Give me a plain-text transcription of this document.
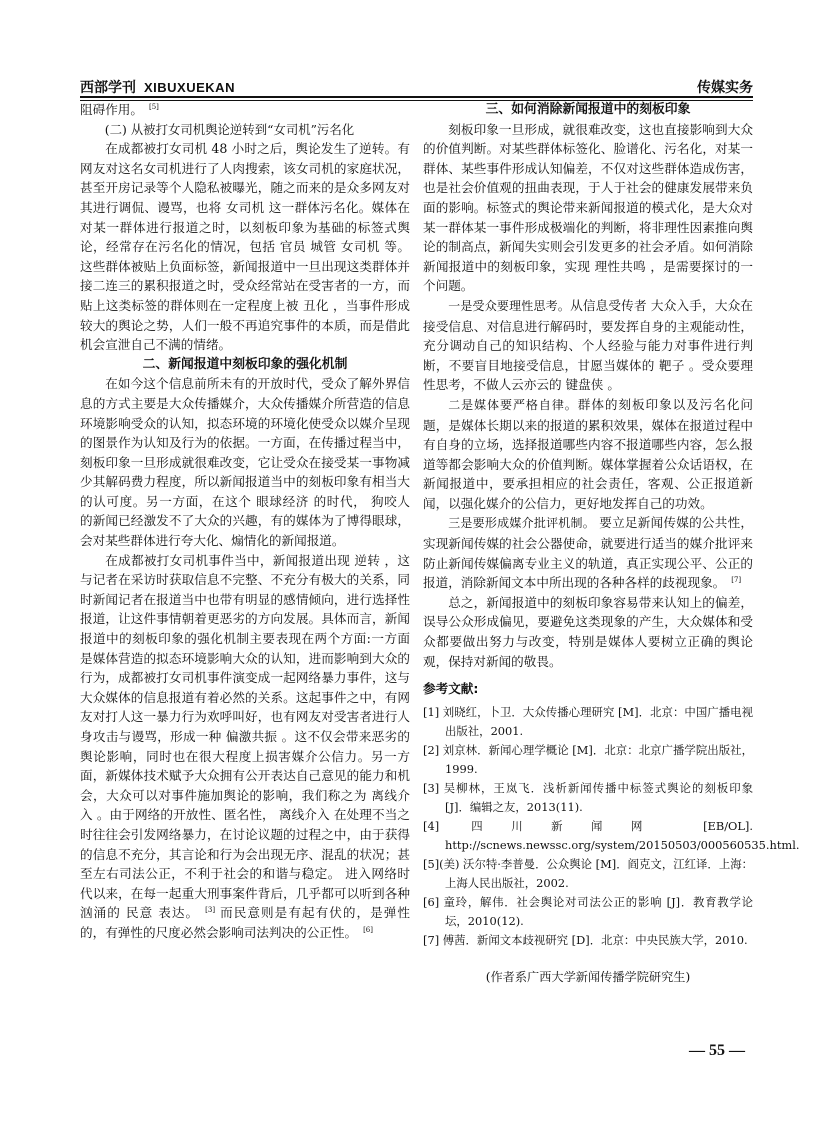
西部学刊 XIBUXUEKAN	传媒实务

阻碍作用。 [5]

(二) 从被打女司机舆论逆转到“女司机”污名化

在成都被打女司机 48 小时之后，舆论发生了逆转。有网友对这名女司机进行了人肉搜索，该女司机的家庭状况，甚至开房记录等个人隐私被曝光，随之而来的是众多网友对其进行调侃、谩骂，也将 女司机 这一群体污名化。媒体在对某一群体进行报道之时，以刻板印象为基础的标签式舆论，经常存在污名化的情况，包括 官员 城管 女司机 等。这些群体被贴上负面标签，新闻报道中一旦出现这类群体并接二连三的累积报道之时，受众经常站在受害者的一方，而贴上这类标签的群体则在一定程度上被 丑化 ，当事件形成较大的舆论之势，人们一般不再追究事件的本质，而是借此机会宣泄自己不满的情绪。

二、新闻报道中刻板印象的强化机制

在如今这个信息前所未有的开放时代，受众了解外界信息的方式主要是大众传播媒介，大众传播媒介所营造的信息环境影响受众的认知，拟态环境的环境化使受众以媒介呈现的图景作为认知及行为的依据。一方面，在传播过程当中，刻板印象一旦形成就很难改变，它让受众在接受某一事物减少其解码费力程度，所以新闻报道当中的刻板印象有相当大的认可度。另一方面，在这个 眼球经济 的时代， 狗咬人 的新闻已经激发不了大众的兴趣，有的媒体为了博得眼球，会对某些群体进行夸大化、煽情化的新闻报道。

在成都被打女司机事件当中，新闻报道出现 逆转 ，这与记者在采访时获取信息不完整、不充分有极大的关系，同时新闻记者在报道当中也带有明显的感情倾向，进行选择性报道，让这件事情朝着更恶劣的方向发展。具体而言，新闻报道中的刻板印象的强化机制主要表现在两个方面:一方面是媒体营造的拟态环境影响大众的认知，进而影响到大众的行为，成都被打女司机事件演变成一起网络暴力事件，这与大众媒体的信息报道有着必然的关系。这起事件之中，有网友对打人这一暴力行为欢呼叫好，也有网友对受害者进行人身攻击与谩骂，形成一种 偏激共振 。这不仅会带来恶劣的舆论影响，同时也在很大程度上损害媒介公信力。另一方面，新媒体技术赋予大众拥有公开表达自己意见的能力和机会，大众可以对事件施加舆论的影响，我们称之为 离线介入 。由于网络的开放性、匿名性， 离线介入 在处理不当之时往往会引发网络暴力，在讨论议题的过程之中，由于获得的信息不充分，其言论和行为会出现无序、混乱的状况；甚至左右司法公正，不利于社会的和谐与稳定。 进入网络时代以来，在每一起重大刑事案件背后，几乎都可以听到各种汹涌的 民意 表达。 [3] 而民意则是有起有伏的，是弹性的，有弹性的尺度必然会影响司法判决的公正性。 [6]

三、如何消除新闻报道中的刻板印象

刻板印象一旦形成，就很难改变，这也直接影响到大众的价值判断。对某些群体标签化、脸谱化、污名化，对某一群体、某些事件形成认知偏差，不仅对这些群体造成伤害，也是社会价值观的扭曲表现，于人于社会的健康发展带来负面的影响。标签式的舆论带来新闻报道的模式化，是大众对某一群体某一事件形成极端化的判断，将非理性因素推向舆论的制高点，新闻失实则会引发更多的社会矛盾。如何消除新闻报道中的刻板印象，实现 理性共鸣 ，是需要探讨的一个问题。

一是受众要理性思考。从信息受传者 大众入手，大众在接受信息、对信息进行解码时，要发挥自身的主观能动性，充分调动自己的知识结构、个人经验与能力对事件进行判断，不要盲目地接受信息，甘愿当媒体的 靶子 。受众要理性思考，不做人云亦云的 键盘侠 。

二是媒体要严格自律。群体的刻板印象以及污名化问题，是媒体长期以来的报道的累积效果，媒体在报道过程中有自身的立场，选择报道哪些内容不报道哪些内容，怎么报道等都会影响大众的价值判断。媒体掌握着公众话语权，在新闻报道中，要承担相应的社会责任，客观、公正报道新闻，以强化媒介的公信力，更好地发挥自己的功效。

三是要形成媒介批评机制。 要立足新闻传媒的公共性，实现新闻传媒的社会公器使命，就要进行适当的媒介批评来防止新闻传媒偏离专业主义的轨道，真正实现公平、公正的报道，消除新闻文本中所出现的各种各样的歧视现象。 [7]

总之，新闻报道中的刻板印象容易带来认知上的偏差，误导公众形成偏见，要避免这类现象的产生，大众媒体和受众都要做出努力与改变，特别是媒体人要树立正确的舆论观，保持对新闻的敬畏。

参考文献:

[1] 刘晓红，卜卫．大众传播心理研究 [M]．北京：中国广播电视出版社，2001.
[2] 刘京林．新闻心理学概论 [M]．北京：北京广播学院出版社，1999.
[3] 吴柳林，王岚飞．浅析新闻传播中标签式舆论的刻板印象 [J]．编辑之友，2013(11).
[4] 四川新闻网 [EB/OL]. http://scnews.newssc.org/system/20150503/000560535.html.
[5](美) 沃尔特·李普曼．公众舆论 [M]．阎克文，江红译．上海：上海人民出版社，2002.
[6] 童玲，解伟．社会舆论对司法公正的影响 [J]．教育教学论坛，2010(12).
[7] 傅茜．新闻文本歧视研究 [D]．北京：中央民族大学，2010.

(作者系广西大学新闻传播学院研究生)

— 55 —
